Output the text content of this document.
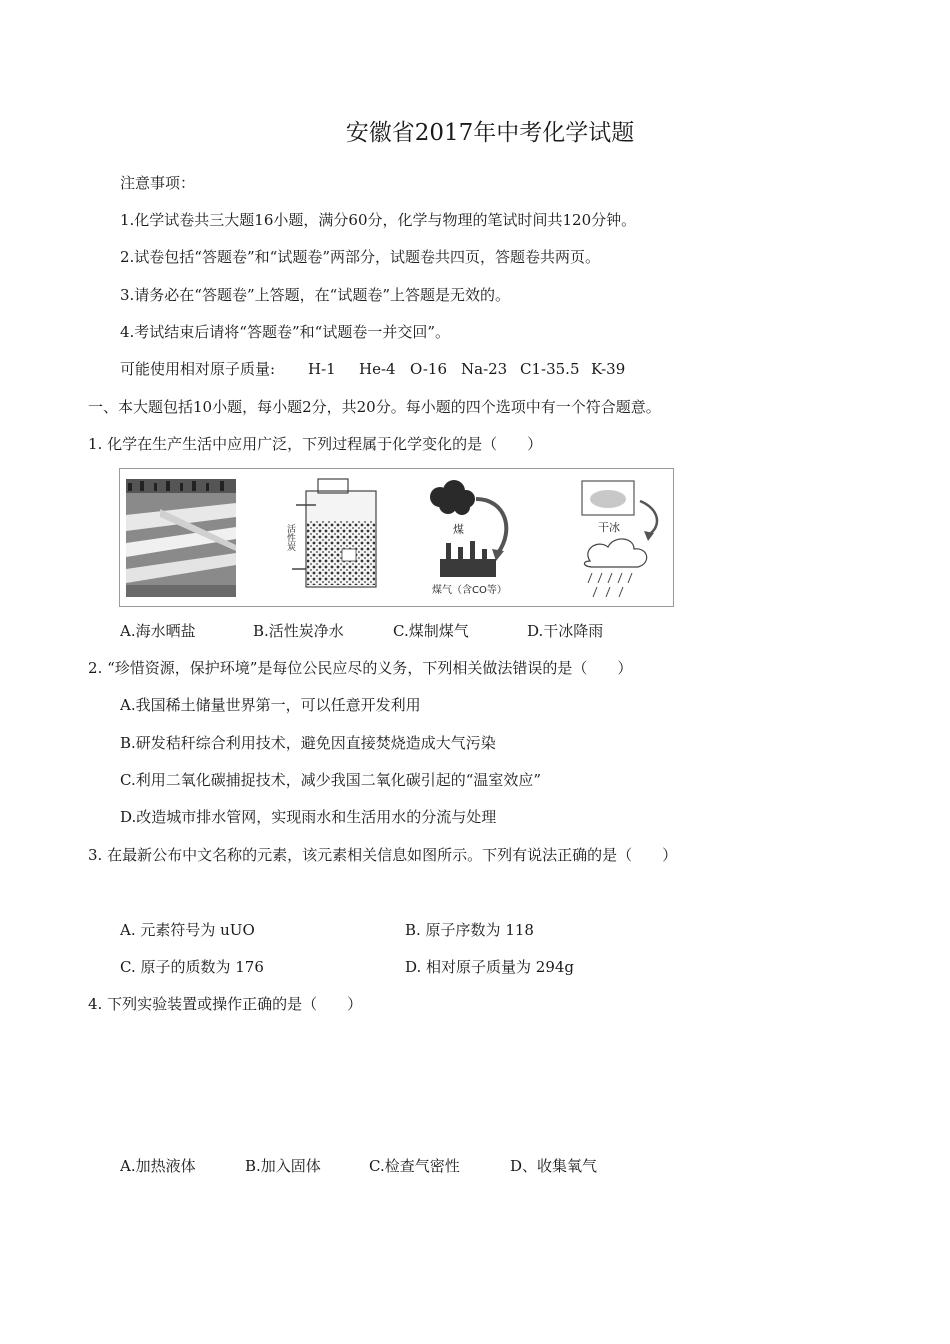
安徽省2017年中考化学试题
注意事项：
1.化学试卷共三大题16小题，满分60分，化学与物理的笔试时间共120分钟。
2.试卷包括“答题卷”和“试题卷”两部分，试题卷共四页，答题卷共两页。
3.请务必在“答题卷”上答题，在“试题卷”上答题是无效的。
4.考试结束后请将“答题卷”和“试题卷一并交回”。
可能使用相对原子质量: H-1 He-4 O-16 Na-23 C1-35.5 K-39
一、本大题包括10小题，每小题2分，共20分。每小题的四个选项中有一个符合题意。
1. 化学在生产生活中应用广泛，下列过程属于化学变化的是（　　）
活性炭	煤
煤气（含CO等）
干冰
A.海水晒盐	B.活性炭净水	C.煤制煤气	D.干冰降雨
2. “珍惜资源，保护环境”是每位公民应尽的义务，下列相关做法错误的是（　　）
A.我国稀土储量世界第一，可以任意开发利用
B.研发秸秆综合利用技术，避免因直接焚烧造成大气污染
C.利用二氧化碳捕捉技术，减少我国二氧化碳引起的“温室效应”
D.改造城市排水管网，实现雨水和生活用水的分流与处理
3. 在最新公布中文名称的元素，该元素相关信息如图所示。下列有说法正确的是（　　）
A. 元素符号为 uUO	B. 原子序数为 118
C. 原子的质数为 176	D. 相对原子质量为 294g
4. 下列实验装置或操作正确的是（　　）
A.加热液体	B.加入固体	C.检查气密性	D、收集氧气
